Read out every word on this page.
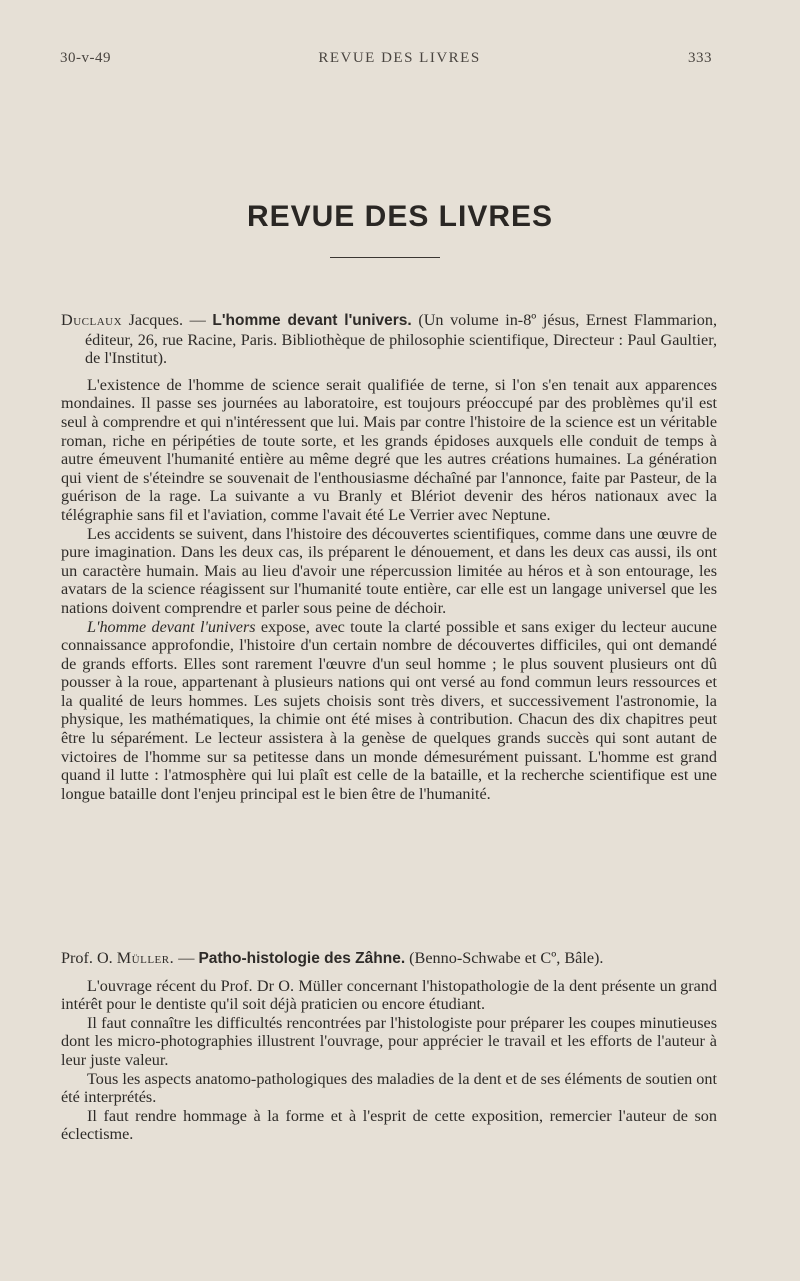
30-v-49	REVUE DES LIVRES	333
REVUE DES LIVRES

Duclaux Jacques. — L'homme devant l'univers. (Un volume in-8º jésus, Ernest Flammarion, éditeur, 26, rue Racine, Paris. Bibliothèque de philosophie scientifique, Directeur : Paul Gaultier, de l'Institut).

L'existence de l'homme de science serait qualifiée de terne, si l'on s'en tenait aux apparences mondaines. Il passe ses journées au laboratoire, est toujours préoccupé par des problèmes qu'il est seul à comprendre et qui n'intéressent que lui. Mais par contre l'histoire de la science est un véritable roman, riche en péripéties de toute sorte, et les grands épidoses auxquels elle conduit de temps à autre émeuvent l'humanité entière au même degré que les autres créations humaines. La génération qui vient de s'éteindre se souvenait de l'enthousiasme déchaîné par l'annonce, faite par Pasteur, de la guérison de la rage. La suivante a vu Branly et Blériot devenir des héros nationaux avec la télégraphie sans fil et l'aviation, comme l'avait été Le Verrier avec Neptune.

Les accidents se suivent, dans l'histoire des découvertes scientifiques, comme dans une œuvre de pure imagination. Dans les deux cas, ils préparent le dénouement, et dans les deux cas aussi, ils ont un caractère humain. Mais au lieu d'avoir une répercussion limitée au héros et à son entourage, les avatars de la science réagissent sur l'humanité toute entière, car elle est un langage universel que les nations doivent comprendre et parler sous peine de déchoir.

L'homme devant l'univers expose, avec toute la clarté possible et sans exiger du lecteur aucune connaissance approfondie, l'histoire d'un certain nombre de découvertes difficiles, qui ont demandé de grands efforts. Elles sont rarement l'œuvre d'un seul homme ; le plus souvent plusieurs ont dû pousser à la roue, appartenant à plusieurs nations qui ont versé au fond commun leurs ressources et la qualité de leurs hommes. Les sujets choisis sont très divers, et successivement l'astronomie, la physique, les mathématiques, la chimie ont été mises à contribution. Chacun des dix chapitres peut être lu séparément. Le lecteur assistera à la genèse de quelques grands succès qui sont autant de victoires de l'homme sur sa petitesse dans un monde démesurément puissant. L'homme est grand quand il lutte : l'atmosphère qui lui plaît est celle de la bataille, et la recherche scientifique est une longue bataille dont l'enjeu principal est le bien être de l'humanité.

Prof. O. Müller. — Patho-histologie des Zâhne. (Benno-Schwabe et Cº, Bâle).

L'ouvrage récent du Prof. Dr O. Müller concernant l'histopathologie de la dent présente un grand intérêt pour le dentiste qu'il soit déjà praticien ou encore étudiant.

Il faut connaître les difficultés rencontrées par l'histologiste pour préparer les coupes minutieuses dont les micro-photographies illustrent l'ouvrage, pour apprécier le travail et les efforts de l'auteur à leur juste valeur.

Tous les aspects anatomo-pathologiques des maladies de la dent et de ses éléments de soutien ont été interprétés.

Il faut rendre hommage à la forme et à l'esprit de cette exposition, remercier l'auteur de son éclectisme.
